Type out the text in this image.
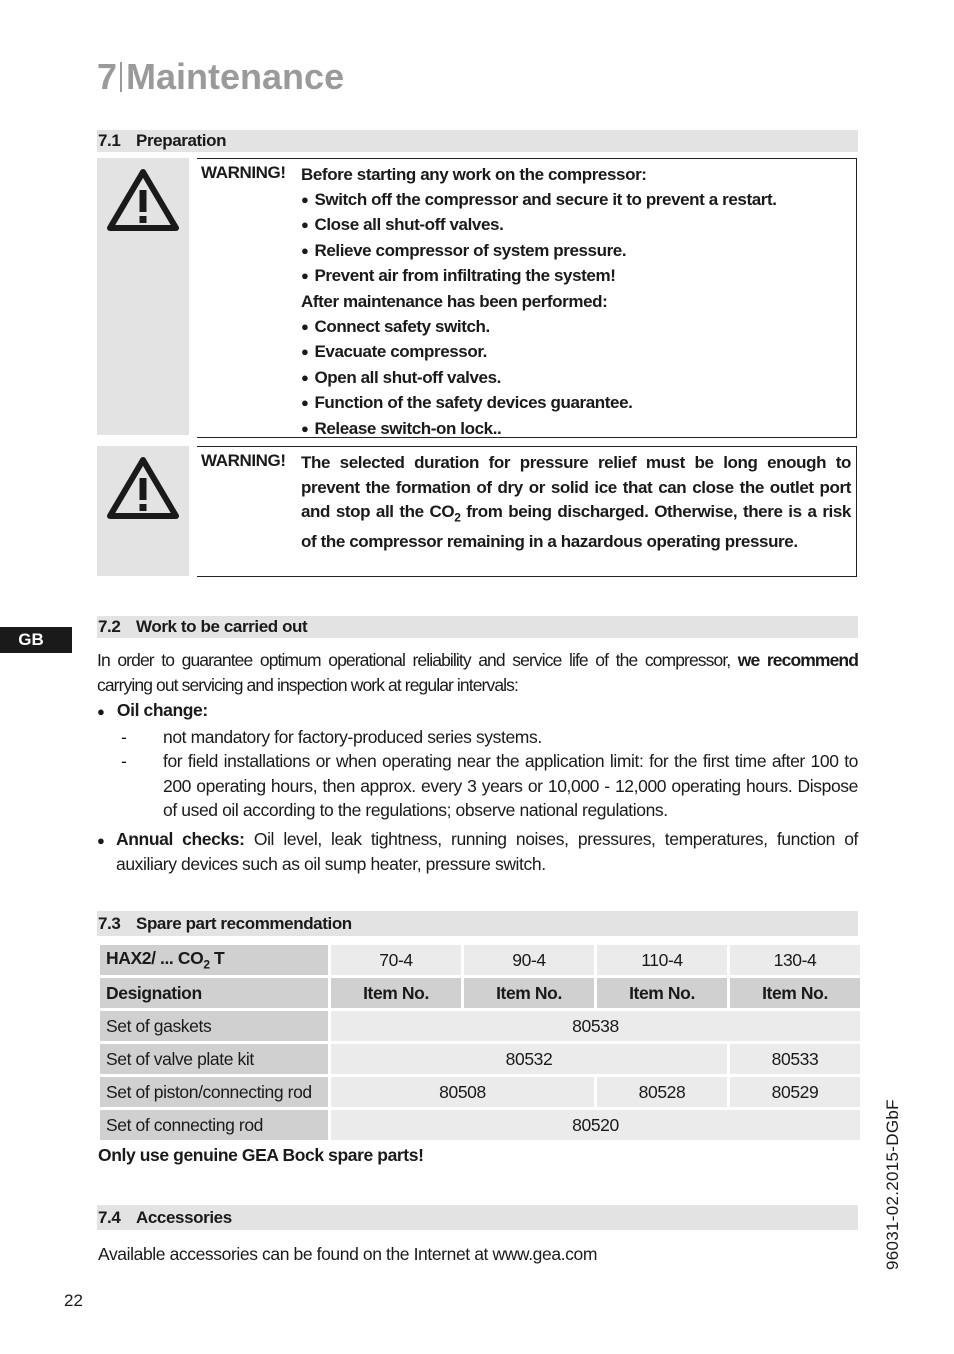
7 Maintenance
7.1 Preparation
WARNING! Before starting any work on the compressor:
● Switch off the compressor and secure it to prevent a restart.
● Close all shut-off valves.
● Relieve compressor of system pressure.
● Prevent air from infiltrating the system!
After maintenance has been performed:
● Connect safety switch.
● Evacuate compressor.
● Open all shut-off valves.
● Function of the safety devices guarantee.
● Release switch-on lock..
WARNING! The selected duration for pressure relief must be long enough to prevent the formation of dry or solid ice that can close the outlet port and stop all the $CO_2$ from being discharged. Otherwise, there is a risk of the compressor remaining in a hazardous operating pressure.
GB
7.2 Work to be carried out
In order to guarantee optimum operational reliability and service life of the compressor, we recommend carrying out servicing and inspection work at regular intervals:
● Oil change:
- not mandatory for factory-produced series systems.
- for field installations or when operating near the application limit: for the first time after 100 to 200 operating hours, then approx. every 3 years or 10,000 - 12,000 operating hours. Dispose of used oil according to the regulations; observe national regulations.
●
Annual checks: Oil level, leak tightness, running noises, pressures, temperatures, function of auxiliary devices such as oil sump heater, pressure switch.
7.3 Spare part recommendation
HAX2/ ... $CO_2$ T	70-4	90-4	110-4	130-4
Designation	Item No.	Item No.	Item No.	Item No.
Set of gaskets	80538			
Set of valve plate kit	80532			80533
Set of piston/connecting rod	80508		80528	80529
Set of connecting rod	80520			
Only use genuine GEA Bock spare parts!
7.4 Accessories
Available accessories can be found on the Internet at www.gea.com
22
96031-02.2015-DGbF
